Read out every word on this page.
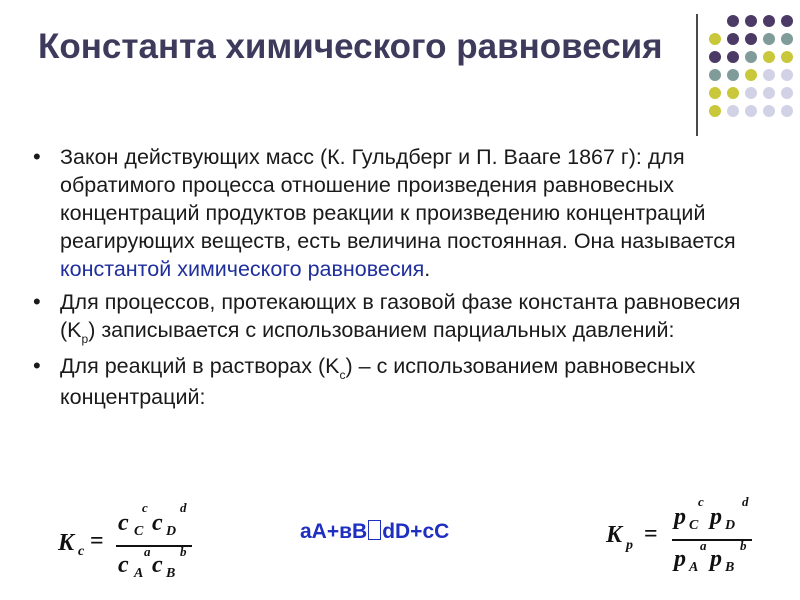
Константа химического равновесия
• Закон действующих масс (К. Гульдберг и П. Вааге 1867 г): для обратимого процесса отношение произведения равновесных концентраций продуктов реакции к произведению концентраций реагирующих веществ, есть величина постоянная. Она называется константой химического равновесия.
• Для процессов, протекающих в газовой фазе константа равновесия $(K_p)$ записывается с использованием парциальных давлений:
• Для реакций в растворах $(K_c)$ – с использованием равновесных концентраций:
K c =
c C
c
c D
d
c A
a
c B
b
aA+вB dD+cC	K p =
p C
c
p D
d
p A
a
p B
b
